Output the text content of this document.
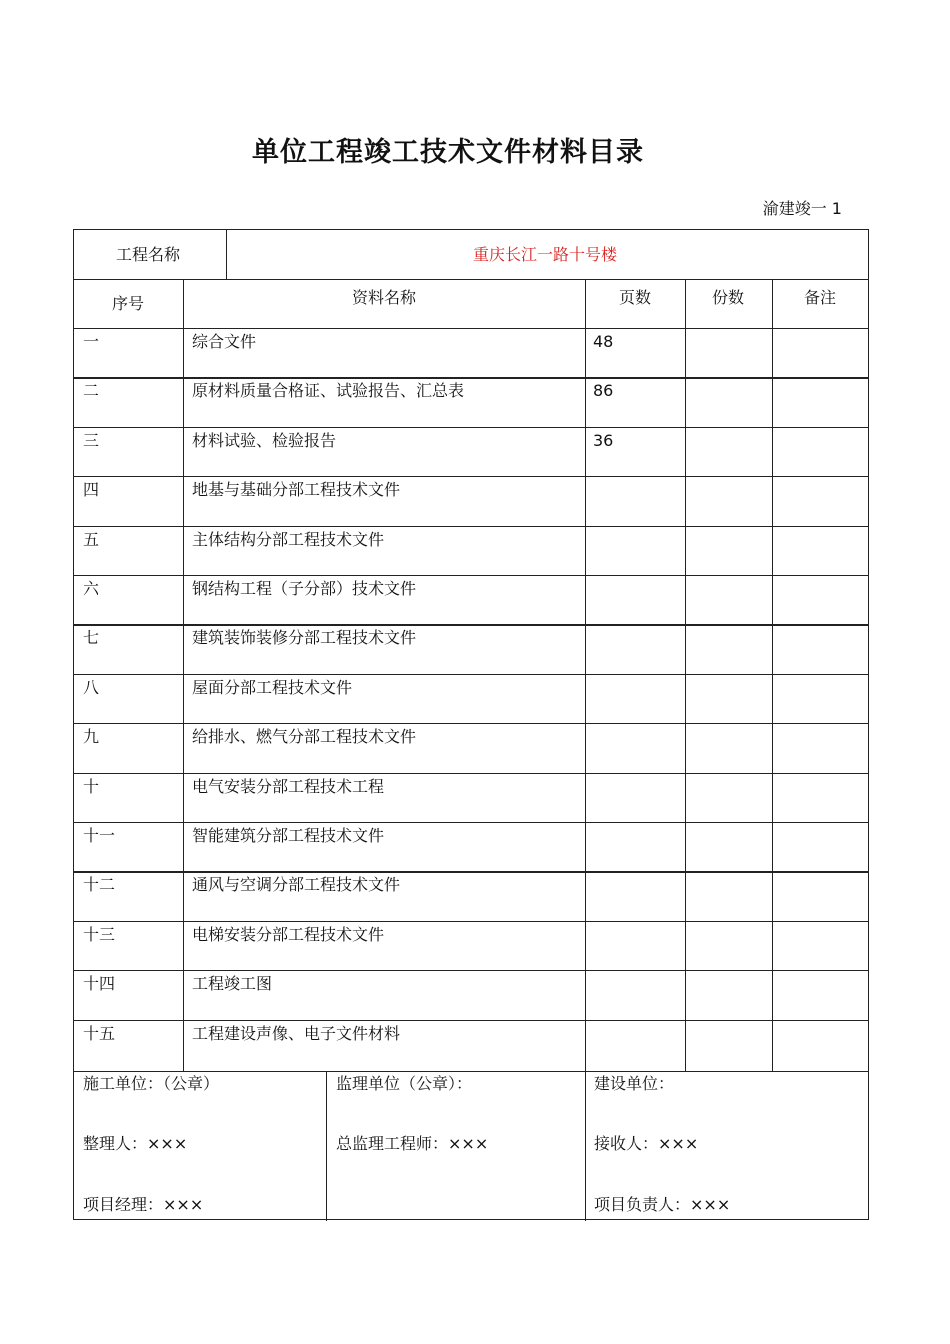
单位工程竣工技术文件材料目录
渝建竣一 1
工程名称	重庆长江一路十号楼
序号	资料名称	页数	份数	备注
施工单位：（公章）
整理人：×××
项目经理：×××
监理单位（公章）：
总监理工程师：×××
建设单位：
接收人：×××
项目负责人：×××
一	综合文件	48
二	原材料质量合格证、试验报告、汇总表	86
三	材料试验、检验报告	36
四	地基与基础分部工程技术文件
五	主体结构分部工程技术文件
六	钢结构工程（子分部）技术文件
七	建筑装饰装修分部工程技术文件
八	屋面分部工程技术文件
九	给排水、燃气分部工程技术文件
十	电气安装分部工程技术工程
十一	智能建筑分部工程技术文件
十二	通风与空调分部工程技术文件
十三	电梯安装分部工程技术文件
十四	工程竣工图
十五	工程建设声像、电子文件材料
